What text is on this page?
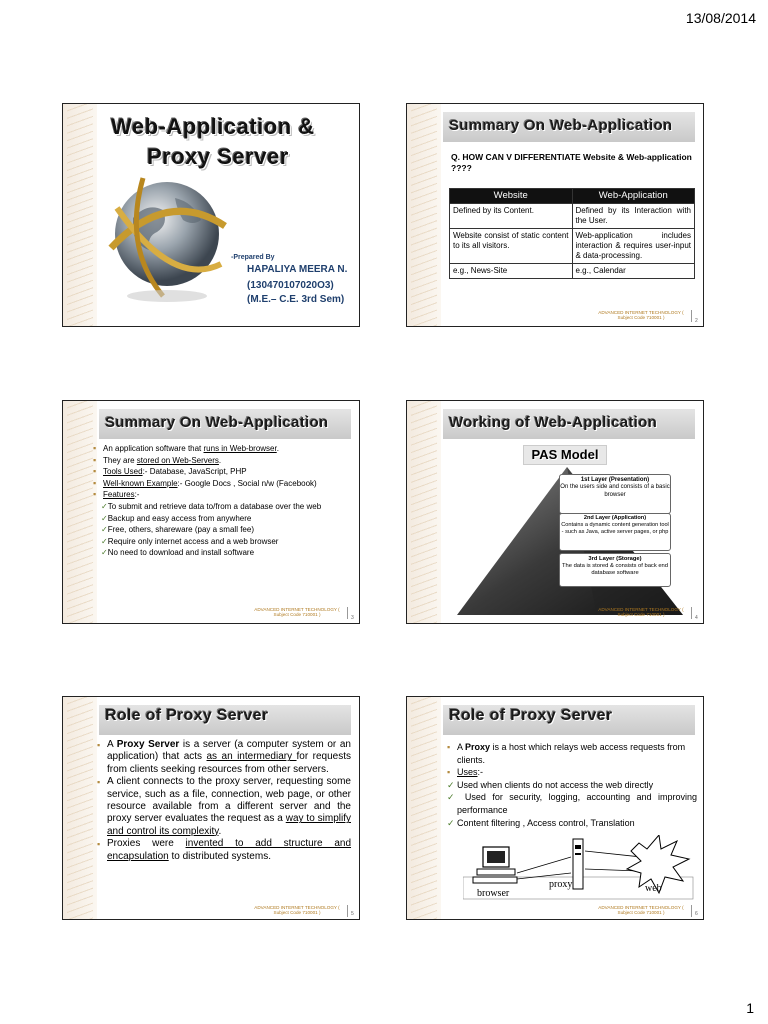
13/08/2014
Web-Application &
Proxy Server
-Prepared By
HAPALIYA MEERA N.
(130470107020O3)
(M.E.– C.E. 3rd Sem)
Summary On Web-Application
Q. HOW CAN V DIFFERENTIATE Website & Web-application ????
Website	Web-Application
Defined by its Content.	Defined by its Interaction with the User.
Website consist of static content to its all visitors.	Web-application includes interaction & requires user-input & data-processing.
e.g., News-Site	e.g., Calendar
ADVANCED INTERNET TECHNOLOGY ( Subject Code 710001 )
2
Summary On Web-Application
▪ An application software that runs in Web-browser.
▪ They are stored on Web-Servers.
▪ Tools Used:- Database, JavaScript, PHP
▪ Well-known Example:- Google Docs , Social n/w (Facebook)
▪ Features:-
✓To submit and retrieve data to/from a database over the web
✓Backup and easy access from anywhere
✓Free, others, shareware (pay a small fee)
✓Require only internet access and a web browser
✓No need to download and install software
ADVANCED INTERNET TECHNOLOGY ( Subject Code 710001 )
3
Working of Web-Application
PAS Model
1st Layer (Presentation)
On the users side and consists of a basic browser
2nd Layer (Application)
Contains a dynamic content generation tool - such as Java, active server pages, or php
3rd Layer (Storage)
The data is stored & consists of back end database software
ADVANCED INTERNET TECHNOLOGY ( Subject Code 710001 )
4
Role of Proxy Server
▪ A Proxy Server is a server (a computer system or an application) that acts as an intermediary for requests from clients seeking resources from other servers.
▪ A client connects to the proxy server, requesting some service, such as a file, connection, web page, or other resource available from a different server and the proxy server evaluates the request as a way to simplify and control its complexity.
▪ Proxies were invented to add structure and encapsulation to distributed systems.
ADVANCED INTERNET TECHNOLOGY ( Subject Code 710001 )	5
Role of Proxy Server
▪ A Proxy is a host which relays web access requests from clients.
▪ Uses:-
✓ Used when clients do not access the web directly
✓ Used for security, logging, accounting and improving performance
✓ Content filtering , Access control, Translation
browser
proxy	web
ADVANCED INTERNET TECHNOLOGY ( Subject Code 710001 )	6
1
